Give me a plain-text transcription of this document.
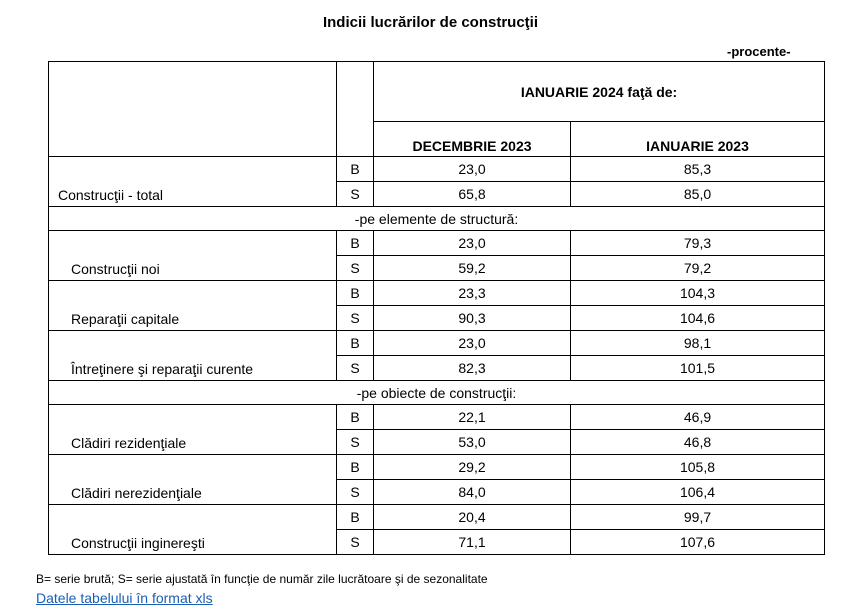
Indicii lucrărilor de construcţii
-procente-
		IANUARIE 2024 faţă de:	
		DECEMBRIE 2023	IANUARIE 2023
Construcţii - total	B	23,0	85,3
	S	65,8	85,0
-pe elemente de structură:			
Construcţii noi	B	23,0	79,3
	S	59,2	79,2
Reparaţii capitale	B	23,3	104,3
	S	90,3	104,6
Întreţinere şi reparaţii curente	B	23,0	98,1
	S	82,3	101,5
-pe obiecte de construcţii:			
Clădiri rezidenţiale	B	22,1	46,9
	S	53,0	46,8
Clădiri nerezidenţiale	B	29,2	105,8
	S	84,0	106,4
Construcţii inginereşti	B	20,4	99,7
	S	71,1	107,6
B= serie brută; S= serie ajustată în funcţie de număr zile lucrătoare şi de sezonalitate
Datele tabelului în format xls
